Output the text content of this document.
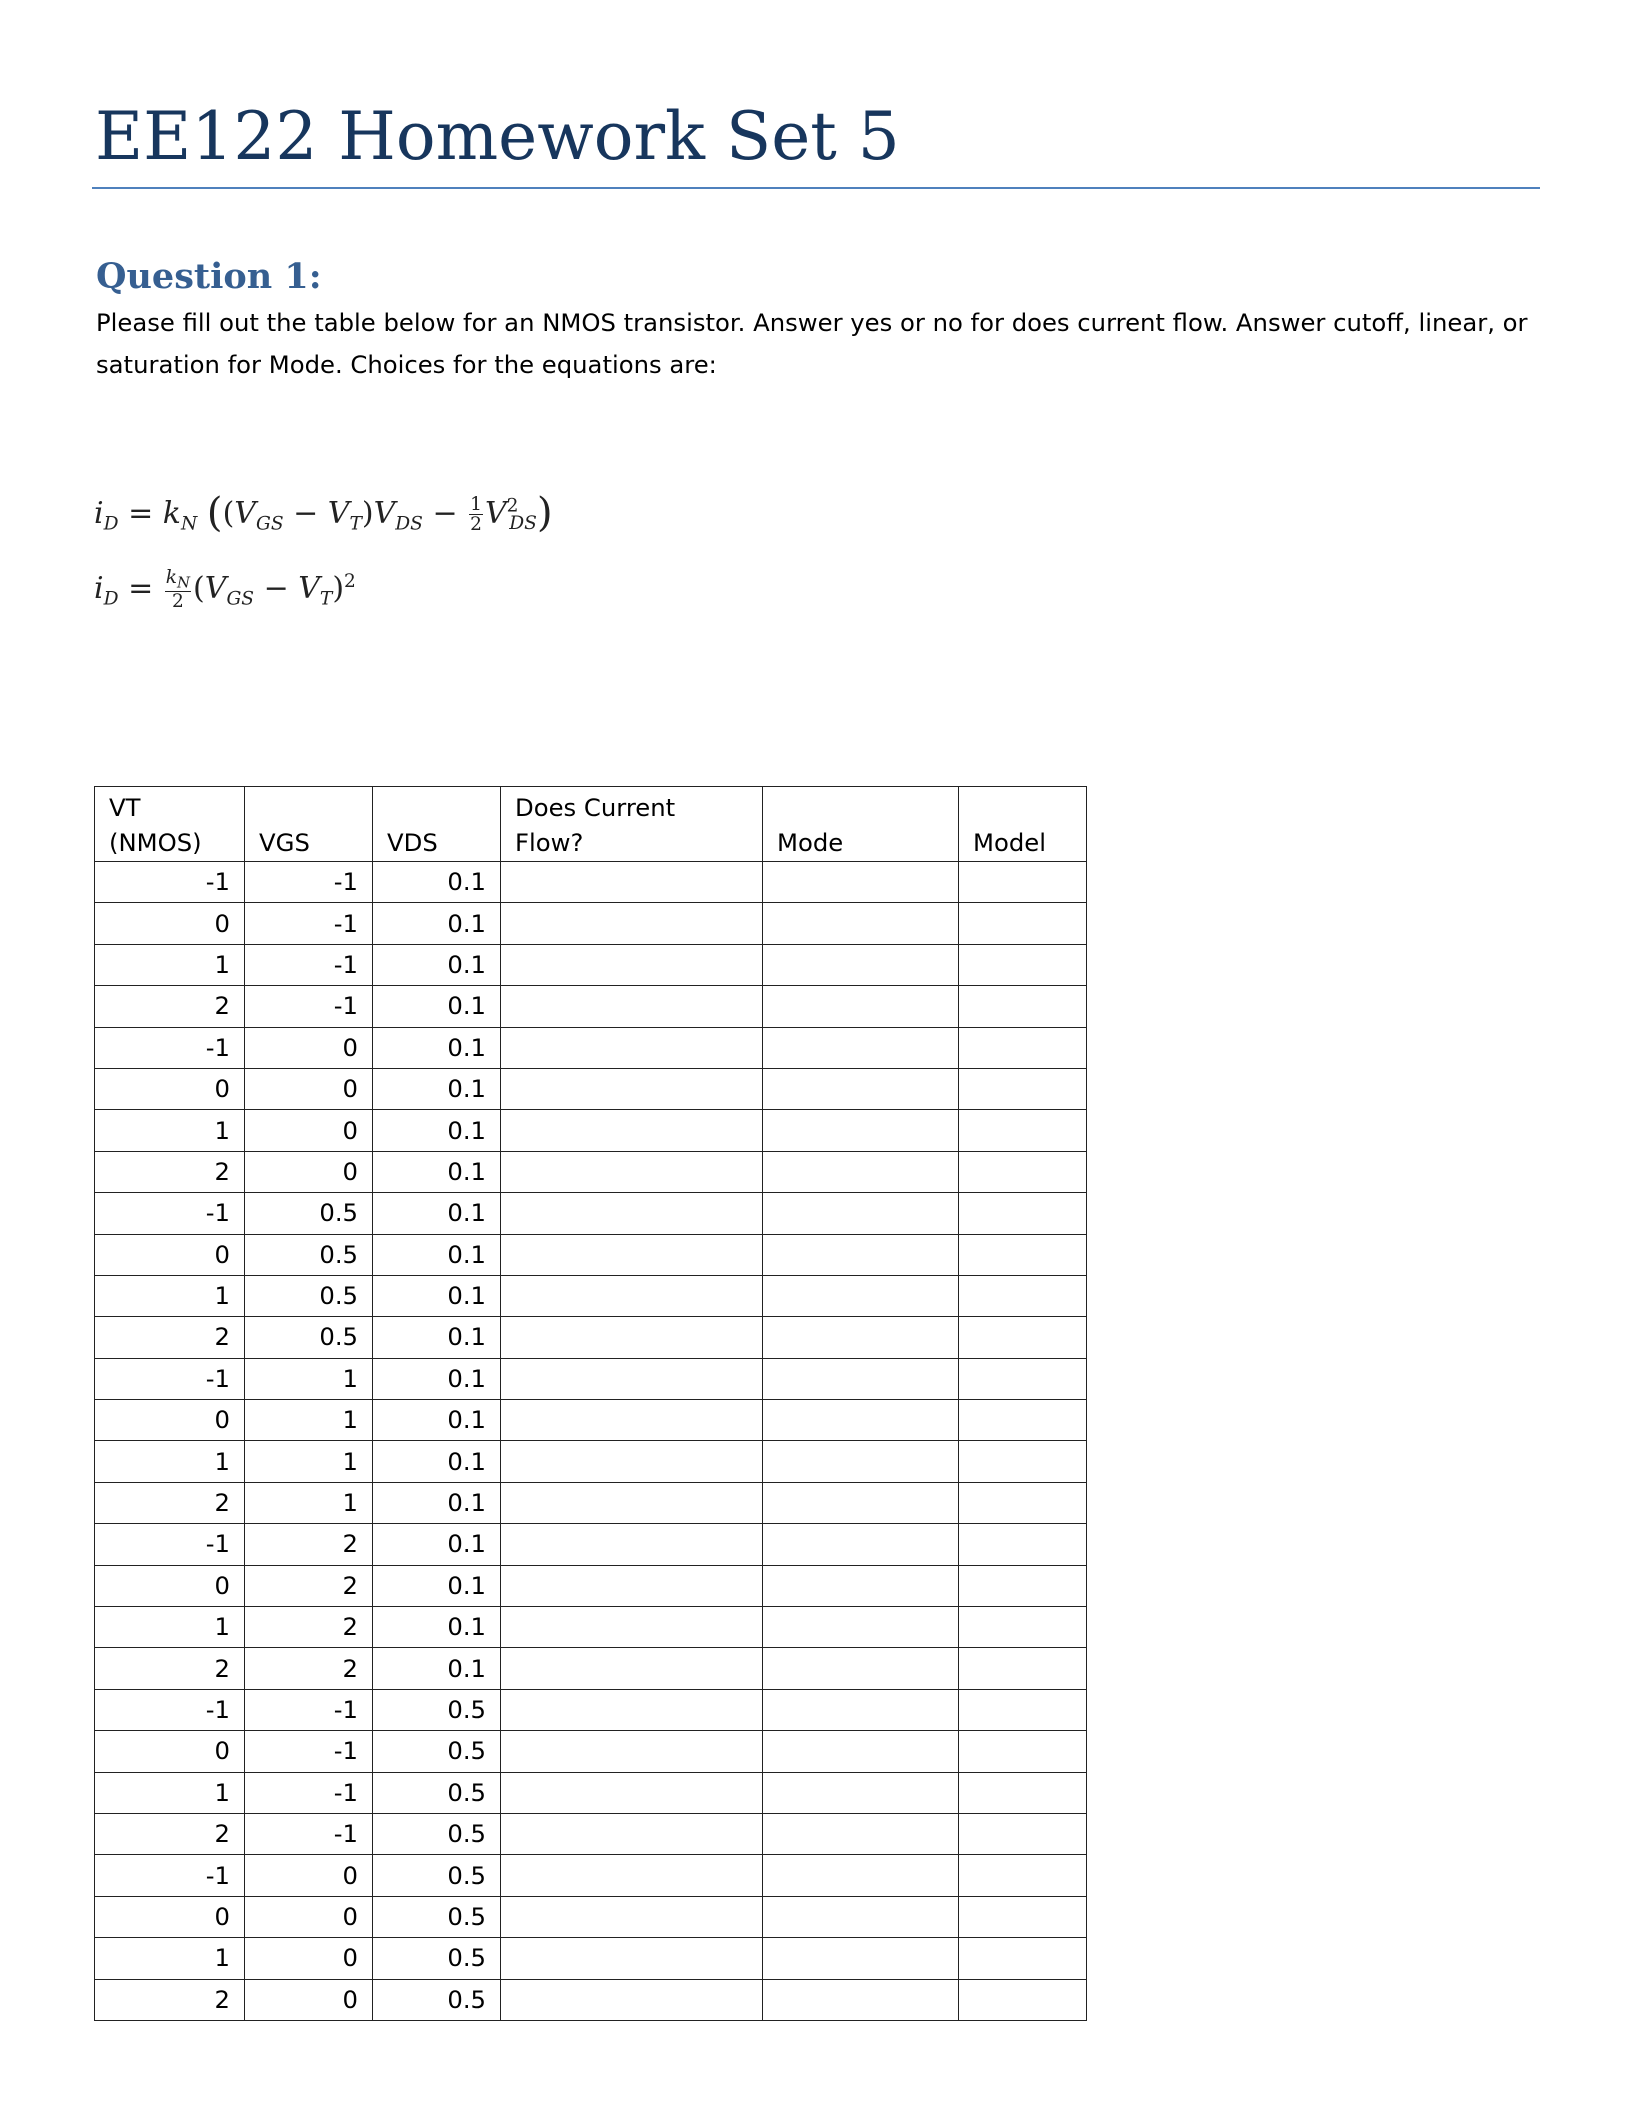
EE122 Homework Set 5
Question 1:

Please fill out the table below for an NMOS transistor. Answer yes or no for does current flow. Answer cutoff, linear, or saturation for Mode. Choices for the equations are:

$i_D = k_N$ $((V_{GS} - V_T)V_{DS} - \frac{1}{2} V^2_{DS})$
$i_D = \frac{k_N}{2} (V_{GS} - V_T)^2$
VT
(NMOS)	VGS	VDS	Does Current
Flow?	Mode	Model
-1	-1	0.1			
0	-1	0.1			
1	-1	0.1			
2	-1	0.1			
-1	0	0.1			
0	0	0.1			
1	0	0.1			
2	0	0.1			
-1	0.5	0.1			
0	0.5	0.1			
1	0.5	0.1			
2	0.5	0.1			
-1	1	0.1			
0	1	0.1			
1	1	0.1			
2	1	0.1			
-1	2	0.1			
0	2	0.1			
1	2	0.1			
2	2	0.1			
-1	-1	0.5			
0	-1	0.5			
1	-1	0.5			
2	-1	0.5			
-1	0	0.5			
0	0	0.5			
1	0	0.5			
2	0	0.5			
